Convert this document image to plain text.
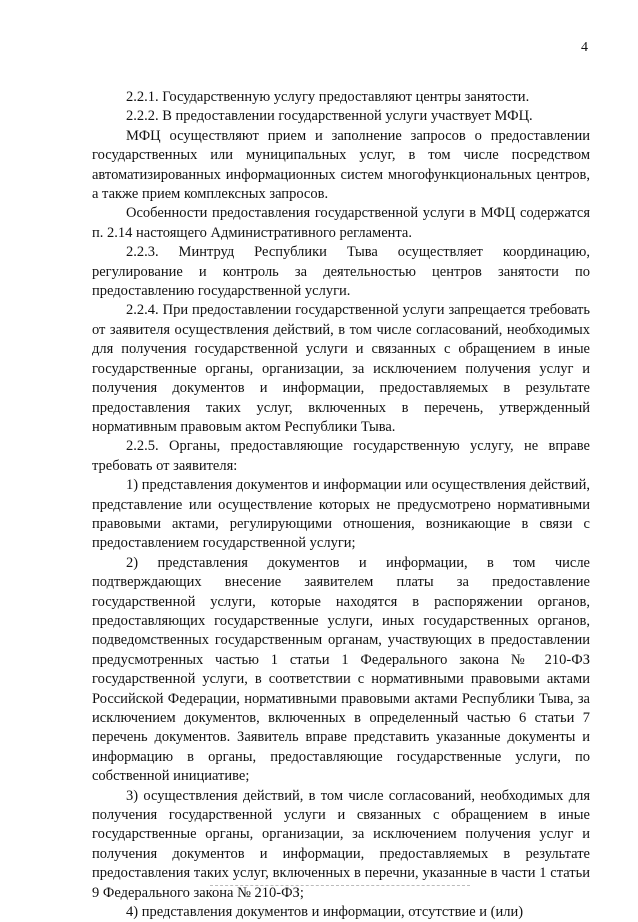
4

2.2.1. Государственную услугу предоставляют центры занятости.

2.2.2. В предоставлении государственной услуги участвует МФЦ.

МФЦ осуществляют прием и заполнение запросов о предоставлении государственных или муниципальных услуг, в том числе посредством автоматизированных информационных систем многофункциональных центров, а также прием комплексных запросов.

Особенности предоставления государственной услуги в МФЦ содержатся п. 2.14 настоящего Административного регламента.

2.2.3. Минтруд Республики Тыва осуществляет координацию, регулирование и контроль за деятельностью центров занятости по предоставлению государственной услуги.

2.2.4. При предоставлении государственной услуги запрещается требовать от заявителя осуществления действий, в том числе согласований, необходимых для получения государственной услуги и связанных с обращением в иные государственные органы, организации, за исключением получения услуг и получения документов и информации, предоставляемых в результате предоставления таких услуг, включенных в перечень, утвержденный нормативным правовым актом Республики Тыва.

2.2.5. Органы, предоставляющие государственную услугу, не вправе требовать от заявителя:

1) представления документов и информации или осуществления действий, представление или осуществление которых не предусмотрено нормативными правовыми актами, регулирующими отношения, возникающие в связи с предоставлением государственной услуги;

2) представления документов и информации, в том числе подтверждающих внесение заявителем платы за предоставление государственной услуги, которые находятся в распоряжении органов, предоставляющих государственные услуги, иных государственных органов, подведомственных государственным органам, участвующих в предоставлении предусмотренных частью 1 статьи 1 Федерального закона № 210-ФЗ государственной услуги, в соответствии с нормативными правовыми актами Российской Федерации, нормативными правовыми актами Республики Тыва, за исключением документов, включенных в определенный частью 6 статьи 7 перечень документов. Заявитель вправе представить указанные документы и информацию в органы, предоставляющие государственные услуги, по собственной инициативе;

3) осуществления действий, в том числе согласований, необходимых для получения государственной услуги и связанных с обращением в иные государственные органы, организации, за исключением получения услуг и получения документов и информации, предоставляемых в результате предоставления таких услуг, включенных в перечни, указанные в части 1 статьи 9 Федерального закона № 210-ФЗ;

4) представления документов и информации, отсутствие и (или)
